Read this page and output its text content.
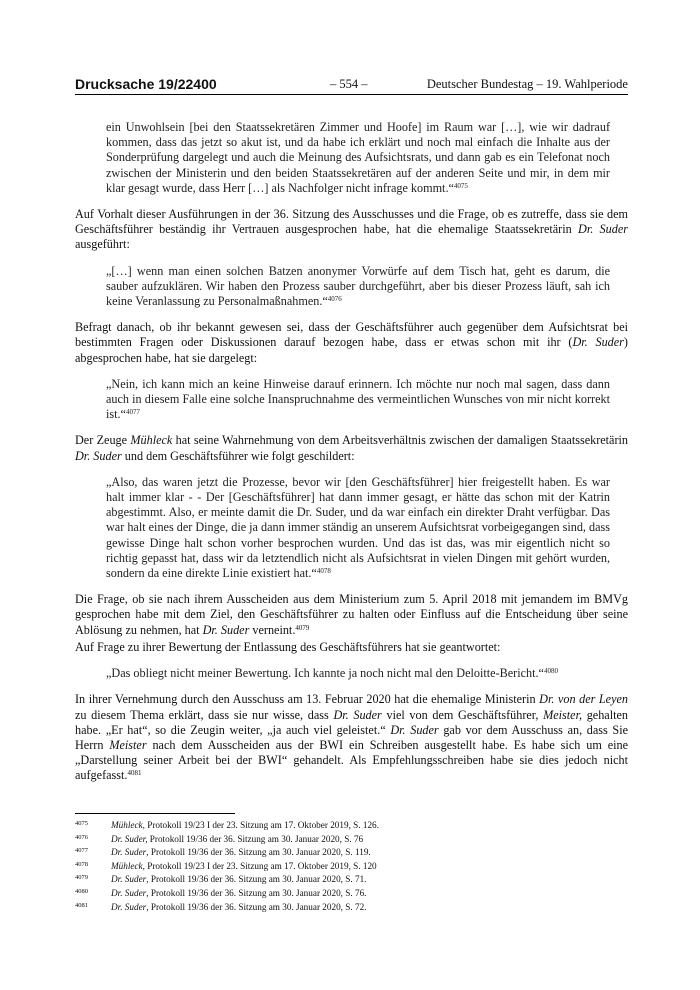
Drucksache 19/22400	– 554 –	Deutscher Bundestag – 19. Wahlperiode
ein Unwohlsein [bei den Staatssekretären Zimmer und Hoofe] im Raum war […], wie wir dadrauf kommen, dass das jetzt so akut ist, und da habe ich erklärt und noch mal einfach die Inhalte aus der Sonderprüfung dargelegt und auch die Meinung des Aufsichtsrats, und dann gab es ein Telefonat noch zwischen der Ministerin und den beiden Staatssekretären auf der anderen Seite und mir, in dem mir klar gesagt wurde, dass Herr […] als Nachfolger nicht infrage kommt.“$^{4075}$
Auf Vorhalt dieser Ausführungen in der 36. Sitzung des Ausschusses und die Frage, ob es zutreffe, dass sie dem Geschäftsführer beständig ihr Vertrauen ausgesprochen habe, hat die ehemalige Staatssekretärin Dr. Suder ausgeführt:
„[…] wenn man einen solchen Batzen anonymer Vorwürfe auf dem Tisch hat, geht es darum, die sauber aufzuklären. Wir haben den Prozess sauber durchgeführt, aber bis dieser Prozess läuft, sah ich keine Veranlassung zu Personalmaßnahmen.“$^{4076}$
Befragt danach, ob ihr bekannt gewesen sei, dass der Geschäftsführer auch gegenüber dem Aufsichtsrat bei bestimmten Fragen oder Diskussionen darauf bezogen habe, dass er etwas schon mit ihr (Dr. Suder) abgesprochen habe, hat sie dargelegt:
„Nein, ich kann mich an keine Hinweise darauf erinnern. Ich möchte nur noch mal sagen, dass dann auch in diesem Falle eine solche Inanspruchnahme des vermeintlichen Wunsches von mir nicht korrekt ist.“$^{4077}$
Der Zeuge Mühleck hat seine Wahrnehmung von dem Arbeitsverhältnis zwischen der damaligen Staatssekretärin Dr. Suder und dem Geschäftsführer wie folgt geschildert:
„Also, das waren jetzt die Prozesse, bevor wir [den Geschäftsführer] hier freigestellt haben. Es war halt immer klar - - Der [Geschäftsführer] hat dann immer gesagt, er hätte das schon mit der Katrin abgestimmt. Also, er meinte damit die Dr. Suder, und da war einfach ein direkter Draht verfügbar. Das war halt eines der Dinge, die ja dann immer ständig an unserem Aufsichtsrat vorbeigegangen sind, dass gewisse Dinge halt schon vorher besprochen wurden. Und das ist das, was mir eigentlich nicht so richtig gepasst hat, dass wir da letztendlich nicht als Aufsichtsrat in vielen Dingen mit gehört wurden, sondern da eine direkte Linie existiert hat.“$^{4078}$
Die Frage, ob sie nach ihrem Ausscheiden aus dem Ministerium zum 5. April 2018 mit jemandem im BMVg gesprochen habe mit dem Ziel, den Geschäftsführer zu halten oder Einfluss auf die Entscheidung über seine Ablösung zu nehmen, hat Dr. Suder verneint.$^{4079}$
Auf Frage zu ihrer Bewertung der Entlassung des Geschäftsführers hat sie geantwortet:
„Das obliegt nicht meiner Bewertung. Ich kannte ja noch nicht mal den Deloitte-Bericht.“$^{4080}$
In ihrer Vernehmung durch den Ausschuss am 13. Februar 2020 hat die ehemalige Ministerin Dr. von der Leyen zu diesem Thema erklärt, dass sie nur wisse, dass Dr. Suder viel von dem Geschäftsführer, Meister, gehalten habe. „Er hat“, so die Zeugin weiter, „ja auch viel geleistet.“ Dr. Suder gab vor dem Ausschuss an, dass Sie Herrn Meister nach dem Ausscheiden aus der BWI ein Schreiben ausgestellt habe. Es habe sich um eine „Darstellung seiner Arbeit bei der BWI“ gehandelt. Als Empfehlungsschreiben habe sie dies jedoch nicht aufgefasst.$^{4081}$
4075	Mühleck, Protokoll 19/23 I der 23. Sitzung am 17. Oktober 2019, S. 126.
4076	Dr. Suder, Protokoll 19/36 der 36. Sitzung am 30. Januar 2020, S. 76
4077	Dr. Suder, Protokoll 19/36 der 36. Sitzung am 30. Januar 2020, S. 119.
4078	Mühleck, Protokoll 19/23 I der 23. Sitzung am 17. Oktober 2019, S. 120
4079	Dr. Suder, Protokoll 19/36 der 36. Sitzung am 30. Januar 2020, S. 71.
4080	Dr. Suder, Protokoll 19/36 der 36. Sitzung am 30. Januar 2020, S. 76.
4081	Dr. Suder, Protokoll 19/36 der 36. Sitzung am 30. Januar 2020, S. 72.
